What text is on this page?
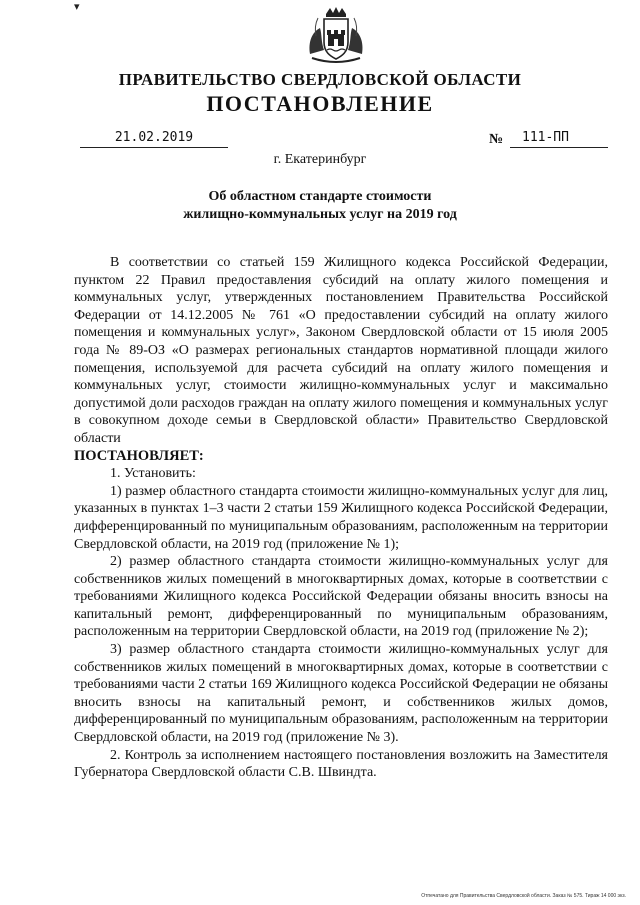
▾
ПРАВИТЕЛЬСТВО СВЕРДЛОВСКОЙ ОБЛАСТИ
ПОСТАНОВЛЕНИЕ
21.02.2019	№	111-ПП
г. Екатеринбург
Об областном стандарте стоимости
жилищно-коммунальных услуг на 2019 год

В соответствии со статьей 159 Жилищного кодекса Российской Федерации, пунктом 22 Правил предоставления субсидий на оплату жилого помещения и коммунальных услуг, утвержденных постановлением Правительства Российской Федерации от 14.12.2005 № 761 «О предоставлении субсидий на оплату жилого помещения и коммунальных услуг», Законом Свердловской области от 15 июля 2005 года № 89-ОЗ «О размерах региональных стандартов нормативной площади жилого помещения, используемой для расчета субсидий на оплату жилого помещения и коммунальных услуг, стоимости жилищно-коммунальных услуг и максимально допустимой доли расходов граждан на оплату жилого помещения и коммунальных услуг в совокупном доходе семьи в Свердловской области» Правительство Свердловской области

ПОСТАНОВЛЯЕТ:

1. Установить:

1) размер областного стандарта стоимости жилищно-коммунальных услуг для лиц, указанных в пунктах 1–3 части 2 статьи 159 Жилищного кодекса Российской Федерации, дифференцированный по муниципальным образованиям, расположенным на территории Свердловской области, на 2019 год (приложение № 1);

2) размер областного стандарта стоимости жилищно-коммунальных услуг для собственников жилых помещений в многоквартирных домах, которые в соответствии с требованиями Жилищного кодекса Российской Федерации обязаны вносить взносы на капитальный ремонт, дифференцированный по муниципальным образованиям, расположенным на территории Свердловской области, на 2019 год (приложение № 2);

3) размер областного стандарта стоимости жилищно-коммунальных услуг для собственников жилых помещений в многоквартирных домах, которые в соответствии с требованиями части 2 статьи 169 Жилищного кодекса Российской Федерации не обязаны вносить взносы на капитальный ремонт, и собственников жилых домов, дифференцированный по муниципальным образованиям, расположенным на территории Свердловской области, на 2019 год (приложение № 3).

2. Контроль за исполнением настоящего постановления возложить на Заместителя Губернатора Свердловской области С.В. Швиндта.

Отпечатано для Правительства Свердловской области. Заказ № 575. Тираж 14 000 экз.
